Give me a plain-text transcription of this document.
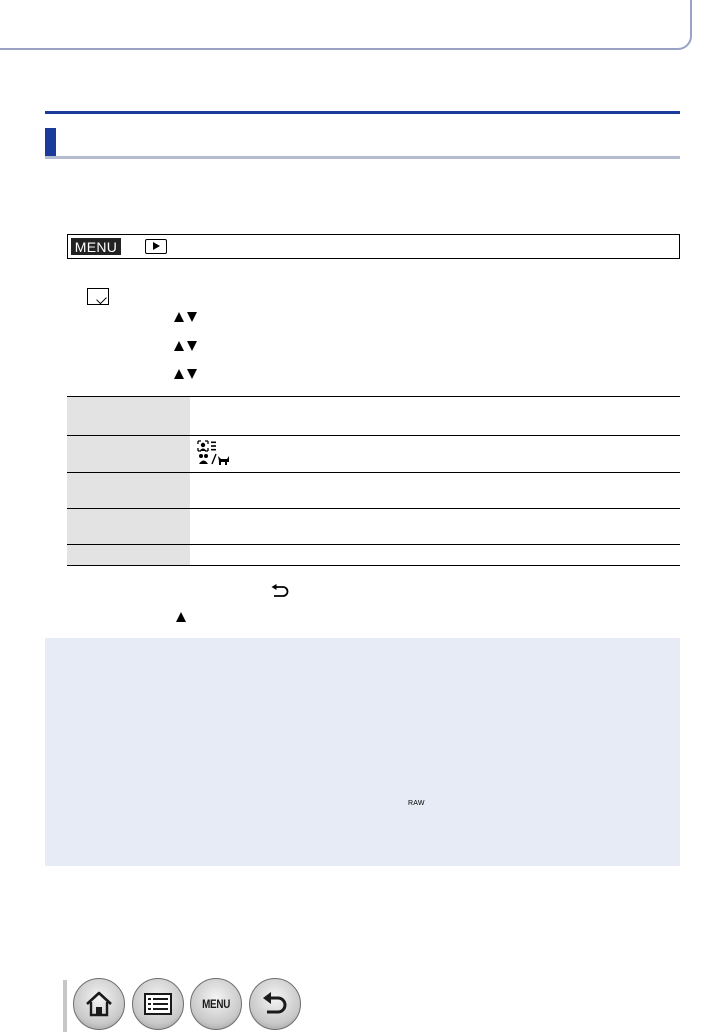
MENU
RAW
MENU
